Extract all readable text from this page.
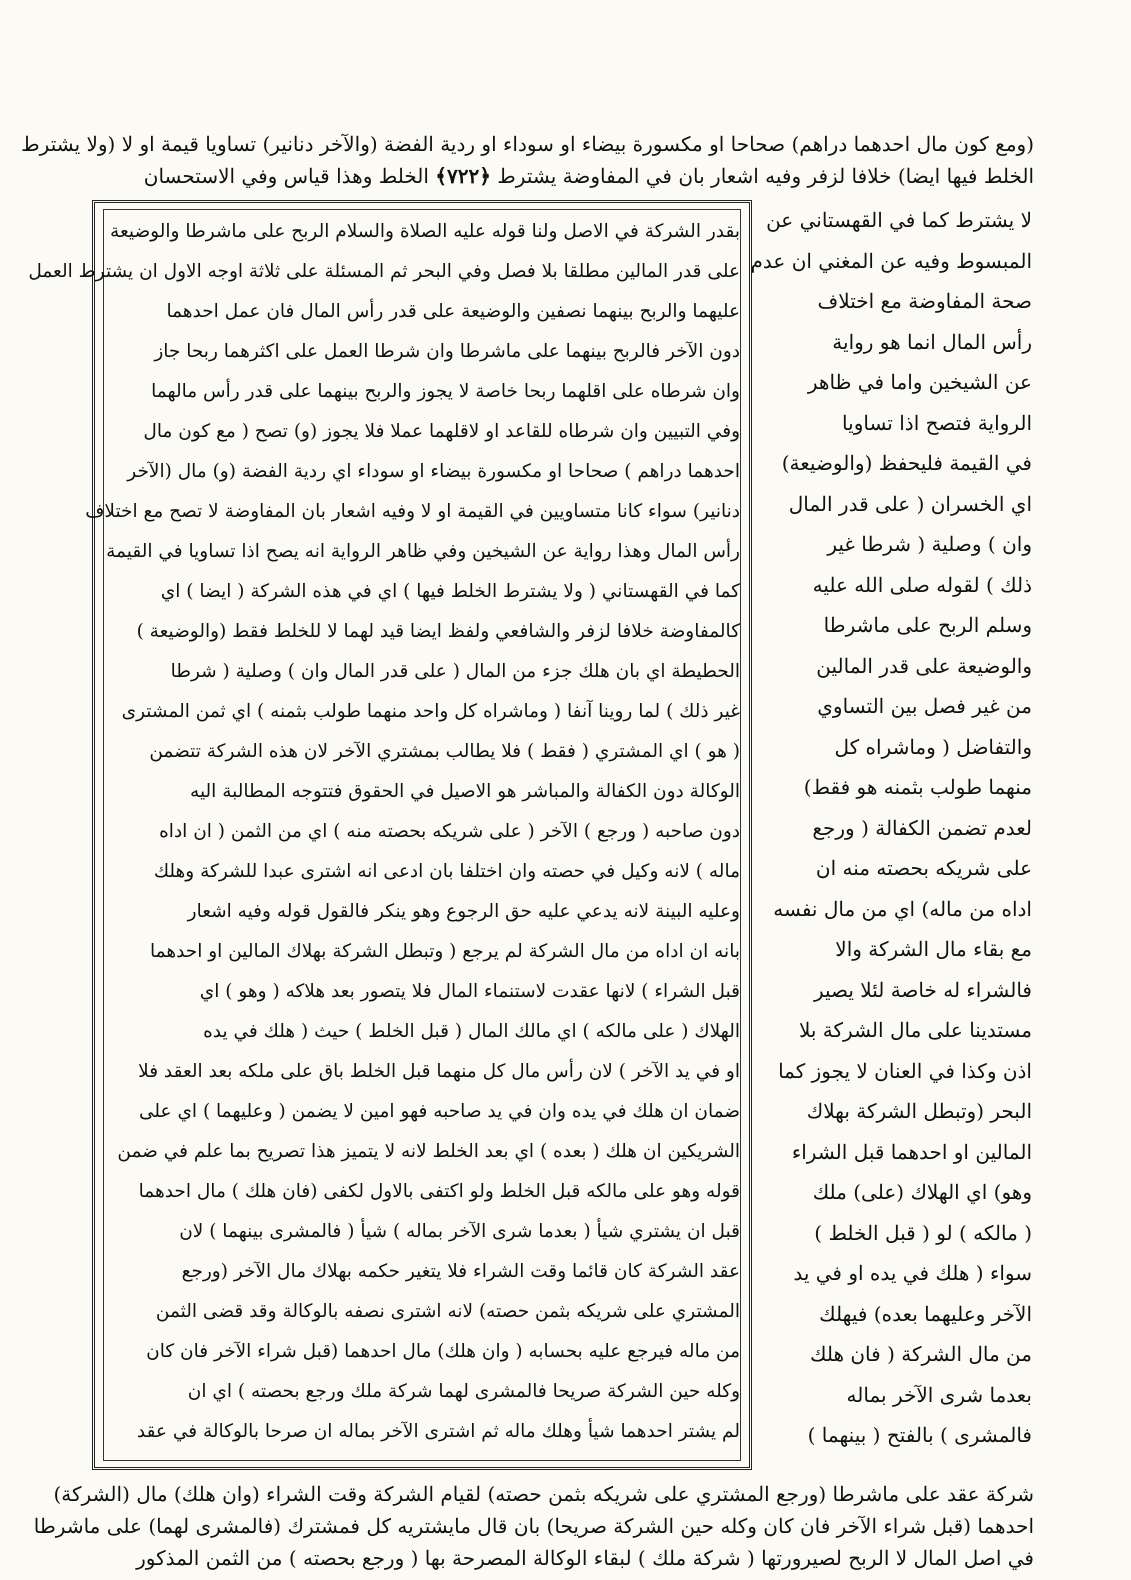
(ومع كون مال احدهما دراهم) صحاحا او مكسورة بيضاء او سوداء او ردية الفضة (والآخر دنانير) تساويا قيمة او لا (ولا يشترط

الخلط فيها ايضا) خلافا لزفر وفيه اشعار بان في المفاوضة يشترط ﴿٧٢٢﴾ الخلط وهذا قياس وفي الاستحسان

لا يشترط كما في القهستاني عن

المبسوط وفيه عن المغني ان عدم

صحة المفاوضة مع اختلاف

رأس المال انما هو رواية

عن الشيخين واما في ظاهر

الرواية فتصح اذا تساويا

في القيمة فليحفظ (والوضيعة)

اي الخسران ( على قدر المال

وان ) وصلية ( شرطا غير

ذلك ) لقوله صلى الله عليه

وسلم الربح على ماشرطا

والوضيعة على قدر المالين

من غير فصل بين التساوي

والتفاضل ( وماشراه كل

منهما طولب بثمنه هو فقط)

لعدم تضمن الكفالة ( ورجع

على شريكه بحصته منه ان

اداه من ماله) اي من مال نفسه

مع بقاء مال الشركة والا

فالشراء له خاصة لئلا يصير

مستدينا على مال الشركة بلا

اذن وكذا في العنان لا يجوز كما

البحر (وتبطل الشركة بهلاك

المالين او احدهما قبل الشراء

وهو) اي الهلاك (على) ملك

( مالكه ) لو ( قبل الخلط )

سواء ( هلك في يده او في يد

الآخر وعليهما بعده) فيهلك

من مال الشركة ( فان هلك

بعدما شرى الآخر بماله

فالمشرى ) بالفتح ( بينهما )

بقدر الشركة في الاصل ولنا قوله عليه الصلاة والسلام الربح على ماشرطا والوضيعة

على قدر المالين مطلقا بلا فصل وفي البحر ثم المسئلة على ثلاثة اوجه الاول ان يشترط العمل

عليهما والربح بينهما نصفين والوضيعة على قدر رأس المال فان عمل احدهما

دون الآخر فالربح بينهما على ماشرطا وان شرطا العمل على اكثرهما ربحا جاز

وان شرطاه على اقلهما ربحا خاصة لا يجوز والربح بينهما على قدر رأس مالهما

وفي التبيين وان شرطاه للقاعد او لاقلهما عملا فلا يجوز (و) تصح ( مع كون مال

احدهما دراهم ) صحاحا او مكسورة بيضاء او سوداء اي ردية الفضة (و) مال (الآخر

دنانير) سواء كانا متساويين في القيمة او لا وفيه اشعار بان المفاوضة لا تصح مع اختلاف

رأس المال وهذا رواية عن الشيخين وفي ظاهر الرواية انه يصح اذا تساويا في القيمة

كما في القهستاني ( ولا يشترط الخلط فيها ) اي في هذه الشركة ( ايضا ) اي

كالمفاوضة خلافا لزفر والشافعي ولفظ ايضا قيد لهما لا للخلط فقط (والوضيعة )

الحطيطة اي بان هلك جزء من المال ( على قدر المال وان ) وصلية ( شرطا

غير ذلك ) لما روينا آنفا ( وماشراه كل واحد منهما طولب بثمنه ) اي ثمن المشترى

( هو ) اي المشتري ( فقط ) فلا يطالب بمشتري الآخر لان هذه الشركة تتضمن

الوكالة دون الكفالة والمباشر هو الاصيل في الحقوق فتتوجه المطالبة اليه

دون صاحبه ( ورجع ) الآخر ( على شريكه بحصته منه ) اي من الثمن ( ان اداه

ماله ) لانه وكيل في حصته وان اختلفا بان ادعى انه اشترى عبدا للشركة وهلك

وعليه البينة لانه يدعي عليه حق الرجوع وهو ينكر فالقول قوله وفيه اشعار

بانه ان اداه من مال الشركة لم يرجع ( وتبطل الشركة بهلاك المالين او احدهما

قبل الشراء ) لانها عقدت لاستنماء المال فلا يتصور بعد هلاكه ( وهو ) اي

الهلاك ( على مالكه ) اي مالك المال ( قبل الخلط ) حيث ( هلك في يده

او في يد الآخر ) لان رأس مال كل منهما قبل الخلط باق على ملكه بعد العقد فلا

ضمان ان هلك في يده وان في يد صاحبه فهو امين لا يضمن ( وعليهما ) اي على

الشريكين ان هلك ( بعده ) اي بعد الخلط لانه لا يتميز هذا تصريح بما علم في ضمن

قوله وهو على مالكه قبل الخلط ولو اكتفى بالاول لكفى (فان هلك ) مال احدهما

قبل ان يشتري شيأ ( بعدما شرى الآخر بماله ) شيأ ( فالمشرى بينهما ) لان

عقد الشركة كان قائما وقت الشراء فلا يتغير حكمه بهلاك مال الآخر (ورجع

المشتري على شريكه بثمن حصته) لانه اشترى نصفه بالوكالة وقد قضى الثمن

من ماله فيرجع عليه بحسابه ( وان هلك) مال احدهما (قبل شراء الآخر فان كان

وكله حين الشركة صريحا فالمشرى لهما شركة ملك ورجع بحصته ) اي ان

لم يشتر احدهما شيأ وهلك ماله ثم اشترى الآخر بماله ان صرحا بالوكالة في عقد

شركة عقد على ماشرطا (ورجع المشتري على شريكه بثمن حصته) لقيام الشركة وقت الشراء (وان هلك) مال (الشركة)

احدهما (قبل شراء الآخر فان كان وكله حين الشركة صريحا) بان قال مايشتريه كل فمشترك (فالمشرى لهما) على ماشرطا

في اصل المال لا الربح لصيرورتها ( شركة ملك ) لبقاء الوكالة المصرحة بها ( ورجع بحصته ) من الثمن المذكور
